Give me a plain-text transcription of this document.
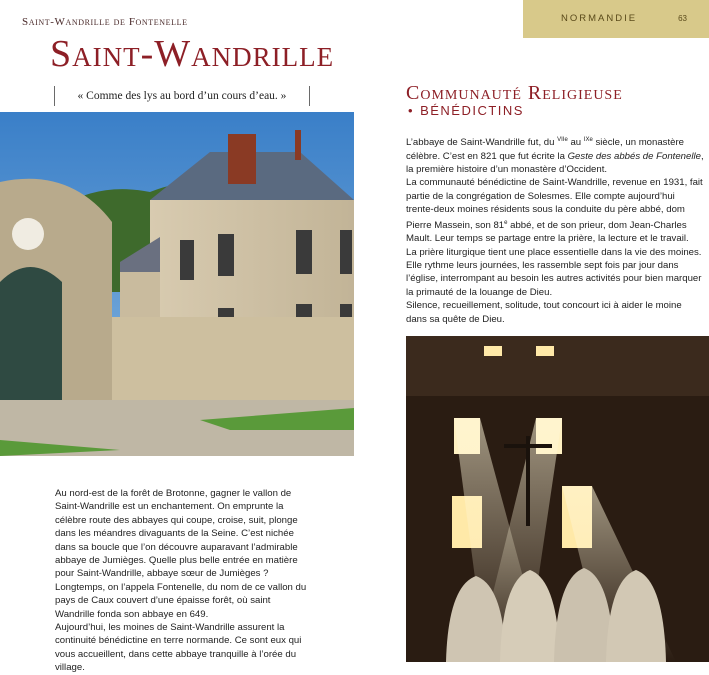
Saint-Wandrille de Fontenelle
Saint-Wandrille
« Comme des lys au bord d’un cours d’eau. »
NORMANDIE	63
Communauté Religieuse
• BÉNÉDICTINS

L’abbaye de Saint-Wandrille fut, du $^{VIIe}$ au $^{IXe}$ siècle, un monastère célèbre. C’est en 821 que fut écrite la Geste des abbés de Fontenelle, la première histoire d’un monastère d’Occident.

La communauté bénédictine de Saint-Wandrille, revenue en 1931, fait partie de la congrégation de Solesmes. Elle compte aujourd’hui trente-deux moines résidents sous la conduite du père abbé, dom Pierre Massein, son 81e abbé, et de son prieur, dom Jean-Charles Mault. Leur temps se partage entre la prière, la lecture et le travail.

La prière liturgique tient une place essentielle dans la vie des moines. Elle rythme leurs journées, les rassemble sept fois par jour dans l’église, interrompant au besoin les autres activités pour bien marquer la primauté de la louange de Dieu.

Silence, recueillement, solitude, tout concourt ici à aider le moine dans sa quête de Dieu.

Au nord-est de la forêt de Brotonne, gagner le vallon de Saint-Wandrille est un enchantement. On emprunte la célèbre route des abbayes qui coupe, croise, suit, plonge dans les méandres divaguants de la Seine. C’est nichée dans sa boucle que l’on découvre auparavant l’admirable abbaye de Jumièges. Quelle plus belle entrée en matière pour Saint-Wandrille, abbaye sœur de Jumièges ? Longtemps, on l’appela Fontenelle, du nom de ce vallon du pays de Caux couvert d’une épaisse forêt, où saint Wandrille fonda son abbaye en 649.

Aujourd’hui, les moines de Saint-Wandrille assurent la continuité bénédictine en terre normande. Ce sont eux qui vous accueillent, dans cette abbaye tranquille à l’orée du village.
